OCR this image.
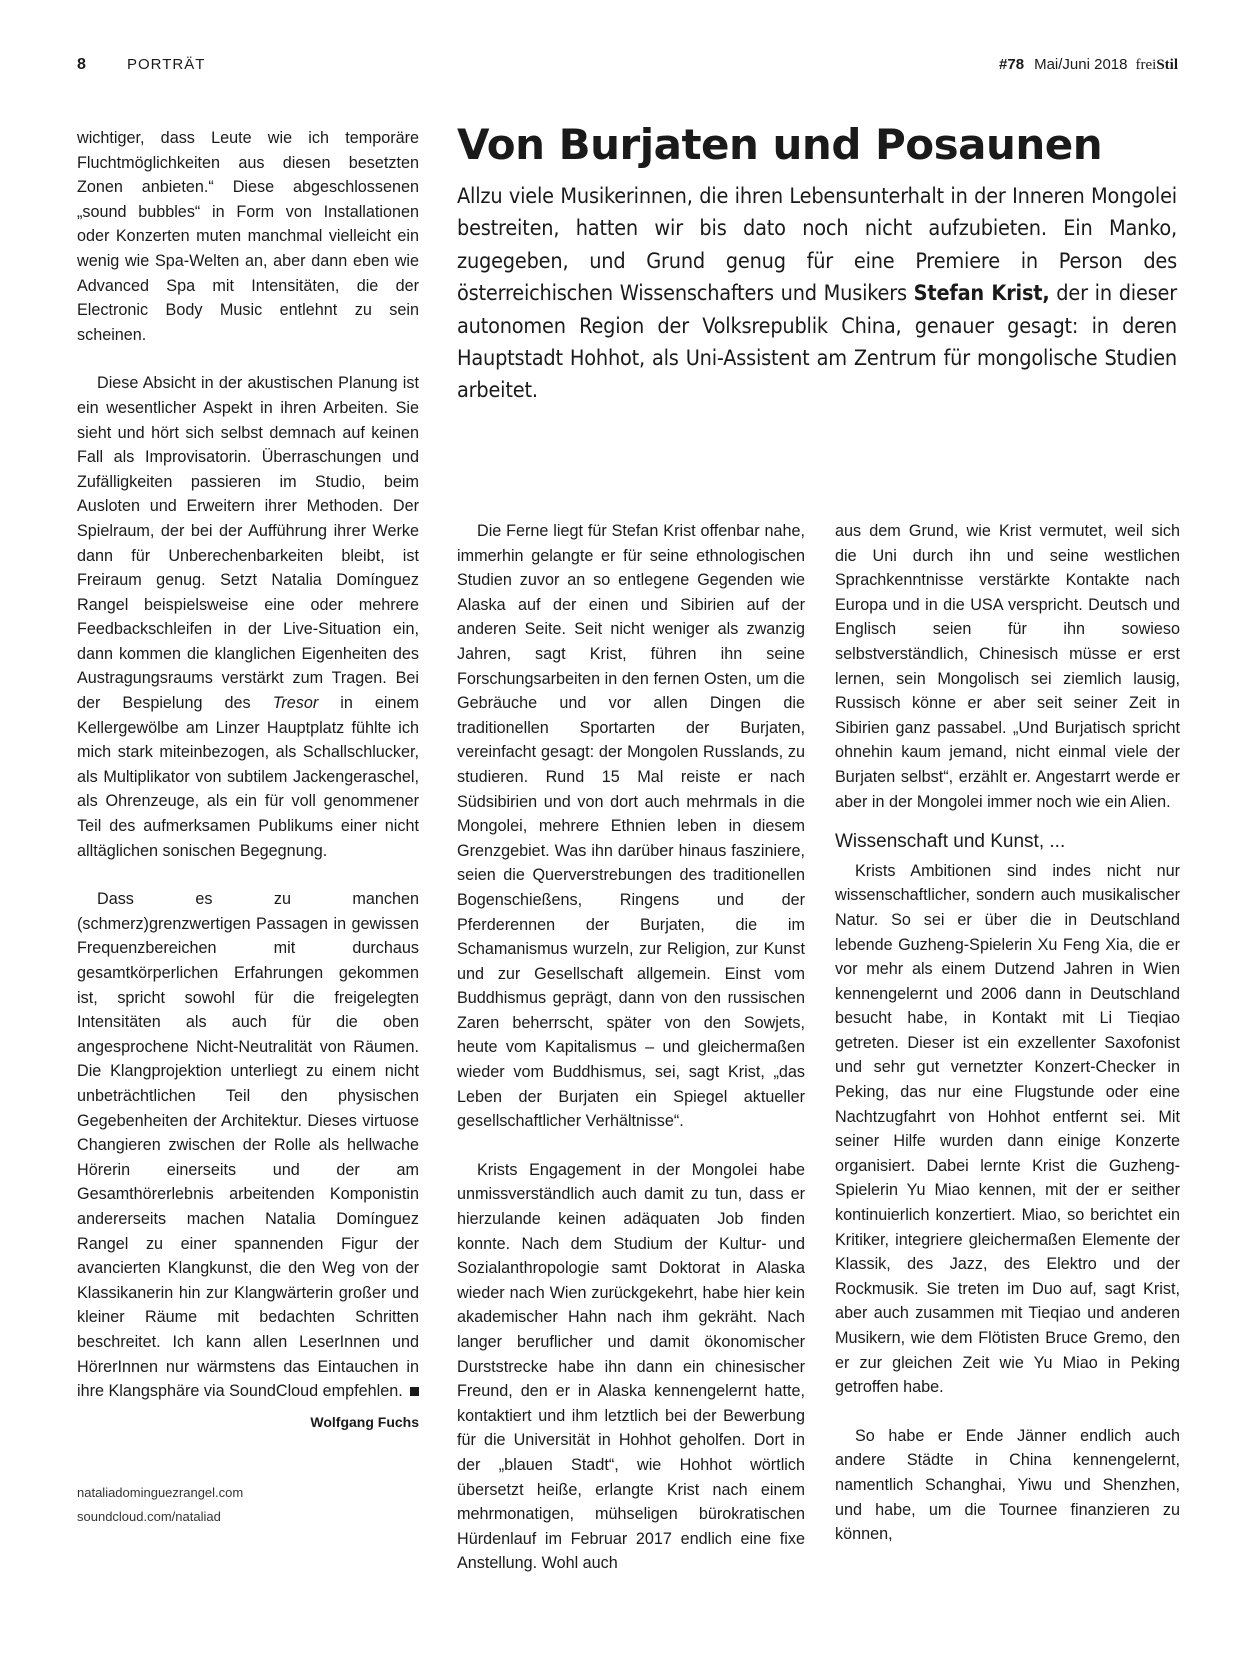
8	PORTRÄT	#78 Mai/Juni 2018 freiStil

wichtiger, dass Leute wie ich temporäre Fluchtmöglichkeiten aus diesen besetzten Zonen anbieten.“ Diese abgeschlossenen „sound bubbles“ in Form von Installationen oder Konzerten muten manchmal vielleicht ein wenig wie Spa-Welten an, aber dann eben wie Advanced Spa mit Intensitäten, die der Electronic Body Music entlehnt zu sein scheinen.

Diese Absicht in der akustischen Planung ist ein wesentlicher Aspekt in ihren Arbeiten. Sie sieht und hört sich selbst demnach auf keinen Fall als Improvisatorin. Überraschungen und Zufälligkeiten passieren im Studio, beim Ausloten und Erweitern ihrer Methoden. Der Spielraum, der bei der Aufführung ihrer Werke dann für Unberechenbarkeiten bleibt, ist Freiraum genug. Setzt Natalia Domínguez Rangel beispielsweise eine oder mehrere Feedbackschleifen in der Live-Situation ein, dann kommen die klanglichen Eigenheiten des Austragungsraums verstärkt zum Tragen. Bei der Bespielung des Tresor in einem Kellergewölbe am Linzer Hauptplatz fühlte ich mich stark miteinbezogen, als Schallschlucker, als Multiplikator von subtilem Jackengeraschel, als Ohrenzeuge, als ein für voll genommener Teil des aufmerksamen Publikums einer nicht alltäglichen sonischen Begegnung.

Dass es zu manchen (schmerz)grenzwertigen Passagen in gewissen Frequenzbereichen mit durchaus gesamtkörperlichen Erfahrungen gekommen ist, spricht sowohl für die freigelegten Intensitäten als auch für die oben angesprochene Nicht-Neutralität von Räumen. Die Klangprojektion unterliegt zu einem nicht unbeträchtlichen Teil den physischen Gegebenheiten der Architektur. Dieses virtuose Changieren zwischen der Rolle als hellwache Hörerin einerseits und der am Gesamthörerlebnis arbeitenden Komponistin andererseits machen Natalia Domínguez Rangel zu einer spannenden Figur der avancierten Klangkunst, die den Weg von der Klassikanerin hin zur Klangwärterin großer und kleiner Räume mit bedachten Schritten beschreitet. Ich kann allen LeserInnen und HörerInnen nur wärmstens das Eintauchen in ihre Klangsphäre via SoundCloud empfehlen.

Wolfgang Fuchs
nataliadominguezrangel.com
soundcloud.com/nataliad
Von Burjaten und Posaunen
Allzu viele Musikerinnen, die ihren Lebensunterhalt in der Inneren Mongolei bestreiten, hatten wir bis dato noch nicht aufzubieten. Ein Manko, zugegeben, und Grund genug für eine Premiere in Person des österreichischen Wissenschafters und Musikers Stefan Krist, der in dieser autonomen Region der Volksrepublik China, genauer gesagt: in deren Hauptstadt Hohhot, als Uni-Assistent am Zentrum für mongolische Studien arbeitet.

Die Ferne liegt für Stefan Krist offenbar nahe, immerhin gelangte er für seine ethnologischen Studien zuvor an so entlegene Gegenden wie Alaska auf der einen und Sibirien auf der anderen Seite. Seit nicht weniger als zwanzig Jahren, sagt Krist, führen ihn seine Forschungsarbeiten in den fernen Osten, um die Gebräuche und vor allen Dingen die traditionellen Sportarten der Burjaten, vereinfacht gesagt: der Mongolen Russlands, zu studieren. Rund 15 Mal reiste er nach Südsibirien und von dort auch mehrmals in die Mongolei, mehrere Ethnien leben in diesem Grenzgebiet. Was ihn darüber hinaus fasziniere, seien die Querverstrebungen des traditionellen Bogenschießens, Ringens und der Pferderennen der Burjaten, die im Schamanismus wurzeln, zur Religion, zur Kunst und zur Gesellschaft allgemein. Einst vom Buddhismus geprägt, dann von den russischen Zaren beherrscht, später von den Sowjets, heute vom Kapitalismus – und gleichermaßen wieder vom Buddhismus, sei, sagt Krist, „das Leben der Burjaten ein Spiegel aktueller gesellschaftlicher Verhältnisse“.

Krists Engagement in der Mongolei habe unmissverständlich auch damit zu tun, dass er hierzulande keinen adäquaten Job finden konnte. Nach dem Studium der Kultur- und Sozialanthropologie samt Doktorat in Alaska wieder nach Wien zurückgekehrt, habe hier kein akademischer Hahn nach ihm gekräht. Nach langer beruflicher und damit ökonomischer Durststrecke habe ihn dann ein chinesischer Freund, den er in Alaska kennengelernt hatte, kontaktiert und ihm letztlich bei der Bewerbung für die Universität in Hohhot geholfen. Dort in der „blauen Stadt“, wie Hohhot wörtlich übersetzt heiße, erlangte Krist nach einem mehrmonatigen, mühseligen bürokratischen Hürdenlauf im Februar 2017 endlich eine fixe Anstellung. Wohl auch

aus dem Grund, wie Krist vermutet, weil sich die Uni durch ihn und seine westlichen Sprachkenntnisse verstärkte Kontakte nach Europa und in die USA verspricht. Deutsch und Englisch seien für ihn sowieso selbstverständlich, Chinesisch müsse er erst lernen, sein Mongolisch sei ziemlich lausig, Russisch könne er aber seit seiner Zeit in Sibirien ganz passabel. „Und Burjatisch spricht ohnehin kaum jemand, nicht einmal viele der Burjaten selbst“, erzählt er. Angestarrt werde er aber in der Mongolei immer noch wie ein Alien.

Wissenschaft und Kunst, ...

Krists Ambitionen sind indes nicht nur wissenschaftlicher, sondern auch musikalischer Natur. So sei er über die in Deutschland lebende Guzheng-Spielerin Xu Feng Xia, die er vor mehr als einem Dutzend Jahren in Wien kennengelernt und 2006 dann in Deutschland besucht habe, in Kontakt mit Li Tieqiao getreten. Dieser ist ein exzellenter Saxofonist und sehr gut vernetzter Konzert-Checker in Peking, das nur eine Flugstunde oder eine Nachtzugfahrt von Hohhot entfernt sei. Mit seiner Hilfe wurden dann einige Konzerte organisiert. Dabei lernte Krist die Guzheng-Spielerin Yu Miao kennen, mit der er seither kontinuierlich konzertiert. Miao, so berichtet ein Kritiker, integriere gleichermaßen Elemente der Klassik, des Jazz, des Elektro und der Rockmusik. Sie treten im Duo auf, sagt Krist, aber auch zusammen mit Tieqiao und anderen Musikern, wie dem Flötisten Bruce Gremo, den er zur gleichen Zeit wie Yu Miao in Peking getroffen habe.

So habe er Ende Jänner endlich auch andere Städte in China kennengelernt, namentlich Schanghai, Yiwu und Shenzhen, und habe, um die Tournee finanzieren zu können,
